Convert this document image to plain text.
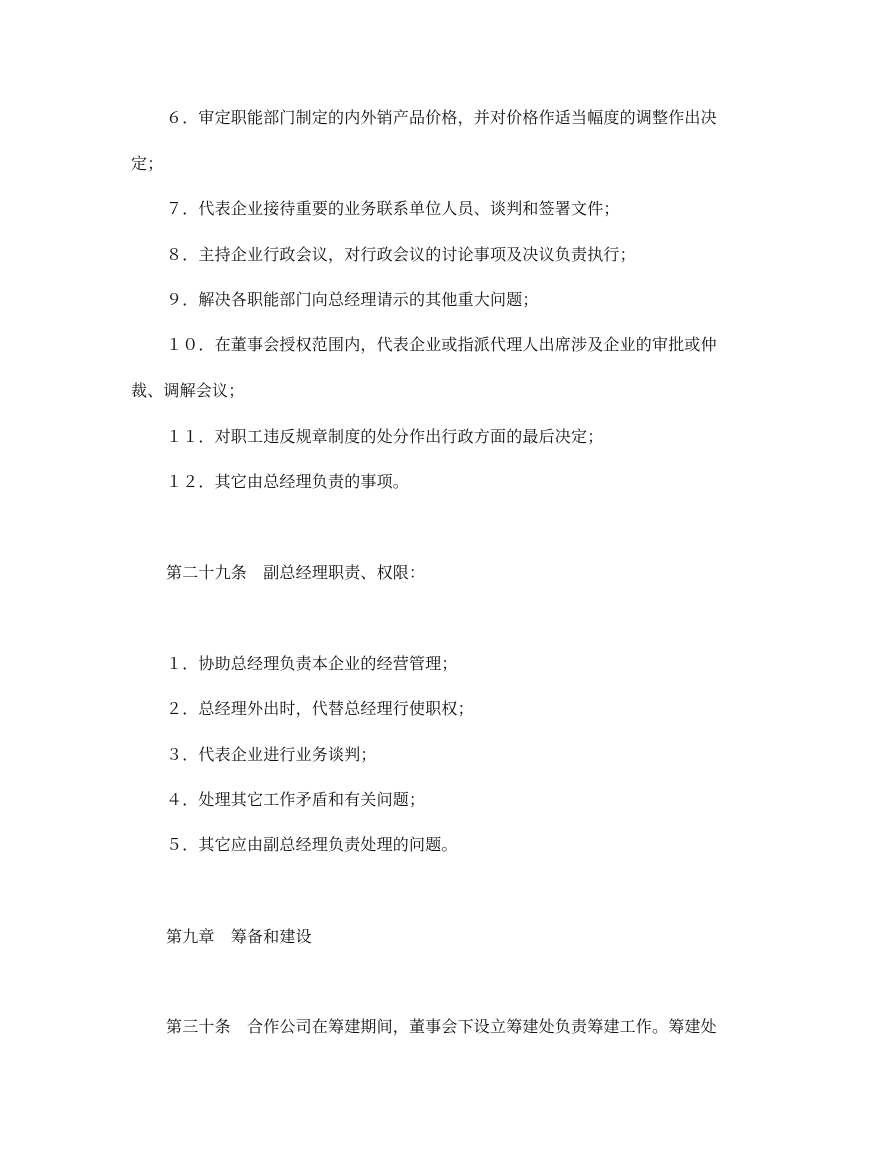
６．审定职能部门制定的内外销产品价格，并对价格作适当幅度的调整作出决
定；
７．代表企业接待重要的业务联系单位人员、谈判和签署文件；
８．主持企业行政会议，对行政会议的讨论事项及决议负责执行；
９．解决各职能部门向总经理请示的其他重大问题；
１０．在董事会授权范围内，代表企业或指派代理人出席涉及企业的审批或仲
裁、调解会议；
１１．对职工违反规章制度的处分作出行政方面的最后决定；
１２．其它由总经理负责的事项。
第二十九条　副总经理职责、权限：
１．协助总经理负责本企业的经营管理；
２．总经理外出时，代替总经理行使职权；
３．代表企业进行业务谈判；
４．处理其它工作矛盾和有关问题；
５．其它应由副总经理负责处理的问题。
第九章　筹备和建设
第三十条　合作公司在筹建期间，董事会下设立筹建处负责筹建工作。筹建处
